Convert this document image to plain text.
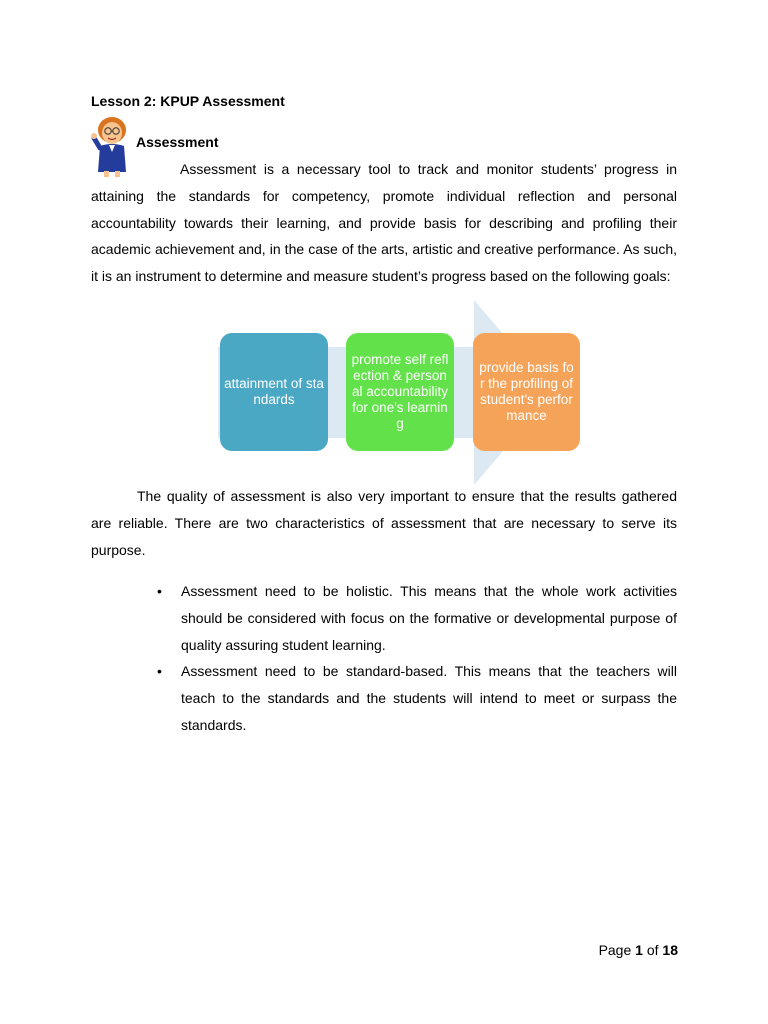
Lesson 2: KPUP Assessment
Assessment

Assessment is a necessary tool to track and monitor students’ progress in attaining the standards for competency, promote individual reflection and personal accountability towards their learning, and provide basis for describing and profiling their academic achievement and, in the case of the arts, artistic and creative performance. As such, it is an instrument to determine and measure student’s progress based on the following goals:

attainment of standards
promote self reflection & personal accountability for one's learning
provide basis for the profiling of student's performance

The quality of assessment is also very important to ensure that the results gathered are reliable. There are two characteristics of assessment that are necessary to serve its purpose.

• Assessment need to be holistic. This means that the whole work activities should be considered with focus on the formative or developmental purpose of quality assuring student learning.
• Assessment need to be standard-based. This means that the teachers will teach to the standards and the students will intend to meet or surpass the standards.
Page 1 of 18
